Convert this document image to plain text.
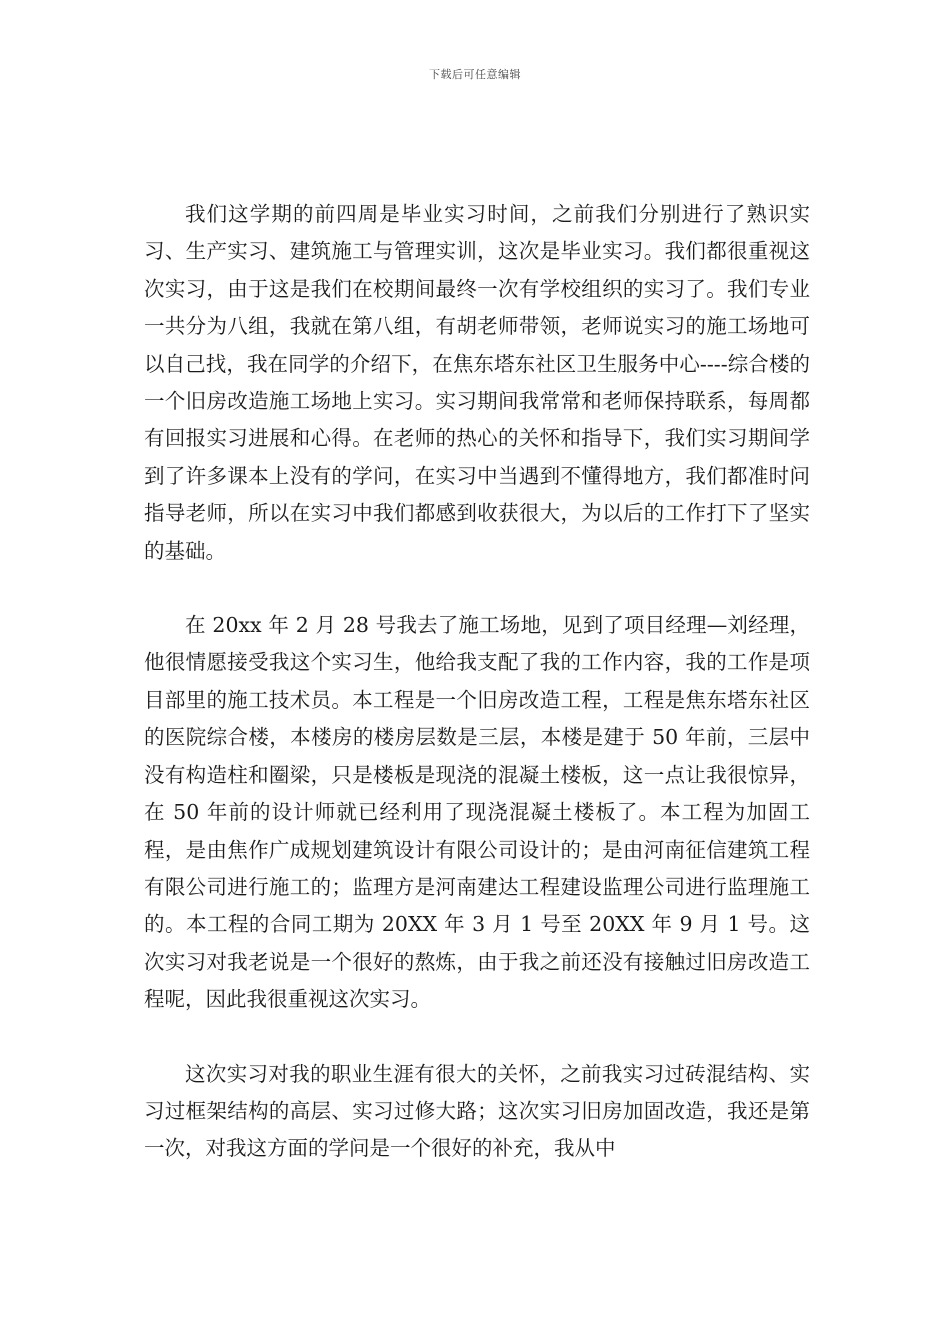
下载后可任意编辑

我们这学期的前四周是毕业实习时间，之前我们分别进行了熟识实习、生产实习、建筑施工与管理实训，这次是毕业实习。我们都很重视这次实习，由于这是我们在校期间最终一次有学校组织的实习了。我们专业一共分为八组，我就在第八组，有胡老师带领，老师说实习的施工场地可以自己找，我在同学的介绍下，在焦东塔东社区卫生服务中心----综合楼的一个旧房改造施工场地上实习。实习期间我常常和老师保持联系，每周都有回报实习进展和心得。在老师的热心的关怀和指导下，我们实习期间学到了许多课本上没有的学问，在实习中当遇到不懂得地方，我们都准时问指导老师，所以在实习中我们都感到收获很大，为以后的工作打下了坚实的基础。

在 20xx 年 2 月 28 号我去了施工场地，见到了项目经理—刘经理，他很情愿接受我这个实习生，他给我支配了我的工作内容，我的工作是项目部里的施工技术员。本工程是一个旧房改造工程，工程是焦东塔东社区的医院综合楼，本楼房的楼房层数是三层，本楼是建于 50 年前，三层中没有构造柱和圈梁，只是楼板是现浇的混凝土楼板，这一点让我很惊异，在 50 年前的设计师就已经利用了现浇混凝土楼板了。本工程为加固工程，是由焦作广成规划建筑设计有限公司设计的；是由河南征信建筑工程有限公司进行施工的；监理方是河南建达工程建设监理公司进行监理施工的。本工程的合同工期为 20XX 年 3 月 1 号至 20XX 年 9 月 1 号。这次实习对我老说是一个很好的熬炼，由于我之前还没有接触过旧房改造工程呢，因此我很重视这次实习。

这次实习对我的职业生涯有很大的关怀，之前我实习过砖混结构、实习过框架结构的高层、实习过修大路；这次实习旧房加固改造，我还是第一次，对我这方面的学问是一个很好的补充，我从中
